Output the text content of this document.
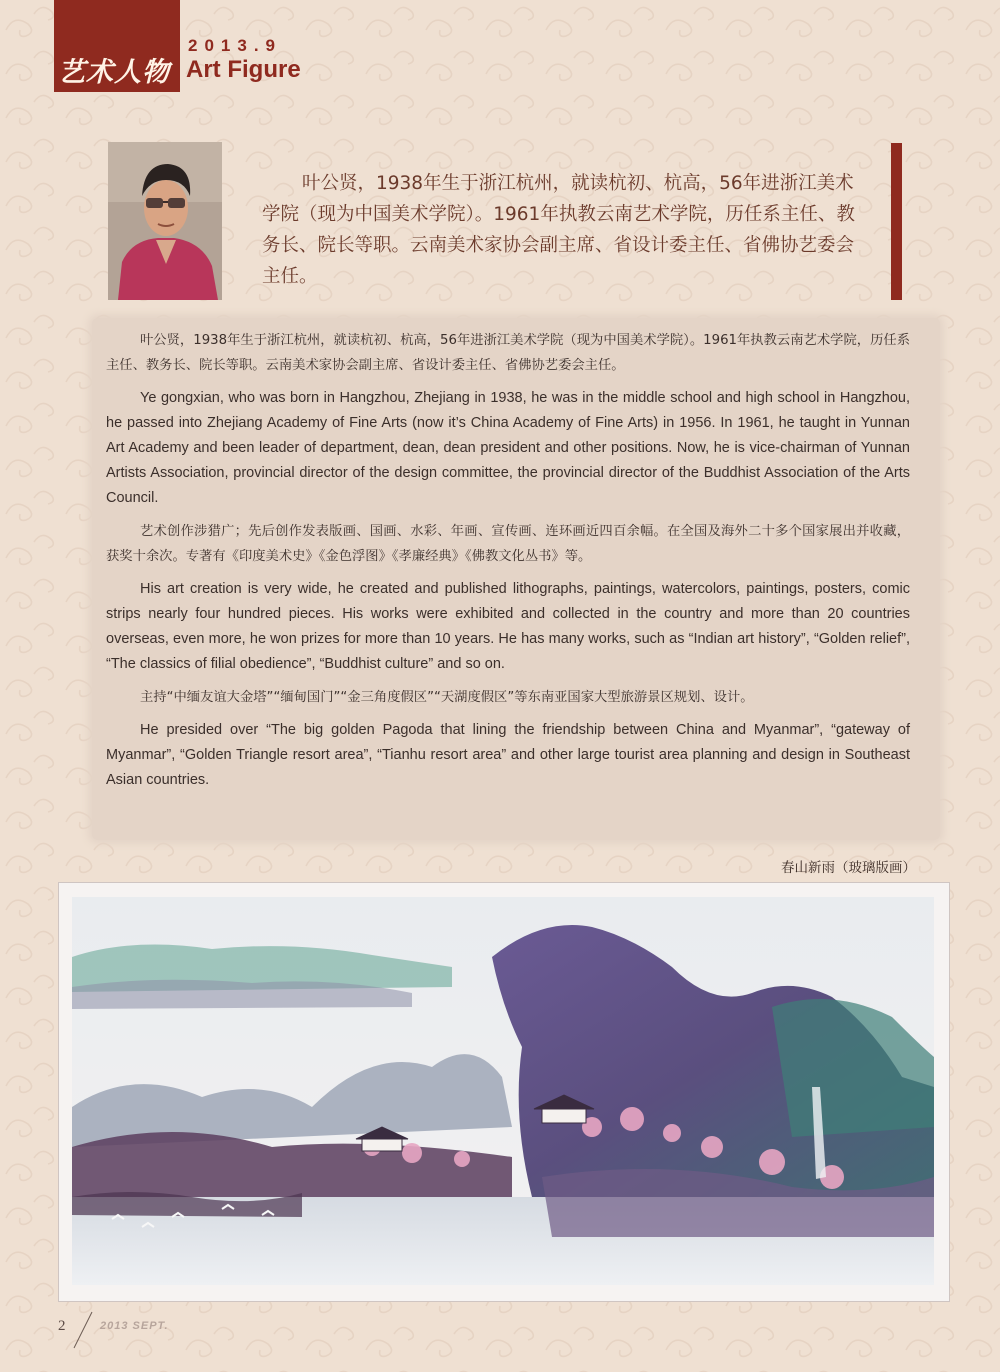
艺术人物
2013.9
Art Figure
叶公贤，1938年生于浙江杭州，就读杭初、杭高，56年进浙江美术学院（现为中国美术学院）。1961年执教云南艺术学院，历任系主任、教务长、院长等职。云南美术家协会副主席、省设计委主任、省佛协艺委会主任。

叶公贤，1938年生于浙江杭州，就读杭初、杭高，56年进浙江美术学院（现为中国美术学院）。1961年执教云南艺术学院，历任系主任、教务长、院长等职。云南美术家协会副主席、省设计委主任、省佛协艺委会主任。

Ye gongxian, who was born in Hangzhou, Zhejiang in 1938, he was in the middle school and high school in Hangzhou, he passed into Zhejiang Academy of Fine Arts (now it’s China Academy of Fine Arts) in 1956. In 1961, he taught in Yunnan Art Academy and been leader of department, dean, dean president and other positions. Now, he is vice-chairman of Yunnan Artists Association, provincial director of the design committee, the provincial director of the Buddhist Association of the Arts Council.

艺术创作涉猎广；先后创作发表版画、国画、水彩、年画、宣传画、连环画近四百余幅。在全国及海外二十多个国家展出并收藏，获奖十余次。专著有《印度美术史》《金色浮图》《孝廉经典》《佛教文化丛书》等。

His art creation is very wide, he created and published lithographs, paintings, watercolors, paintings, posters, comic strips nearly four hundred pieces. His works were exhibited and collected in the country and more than 20 countries overseas, even more, he won prizes for more than 10 years. He has many works, such as “Indian art history”, “Golden relief”, “The classics of filial obedience”, “Buddhist culture” and so on.

主持“中缅友谊大金塔”“缅甸国门”“金三角度假区”“天湖度假区”等东南亚国家大型旅游景区规划、设计。

He presided over “The big golden Pagoda that lining the friendship between China and Myanmar”, “gateway of Myanmar”, “Golden Triangle resort area”, “Tianhu resort area” and other large tourist area planning and design in Southeast Asian countries.

春山新雨（玻璃版画）
2	2013 SEPT.
